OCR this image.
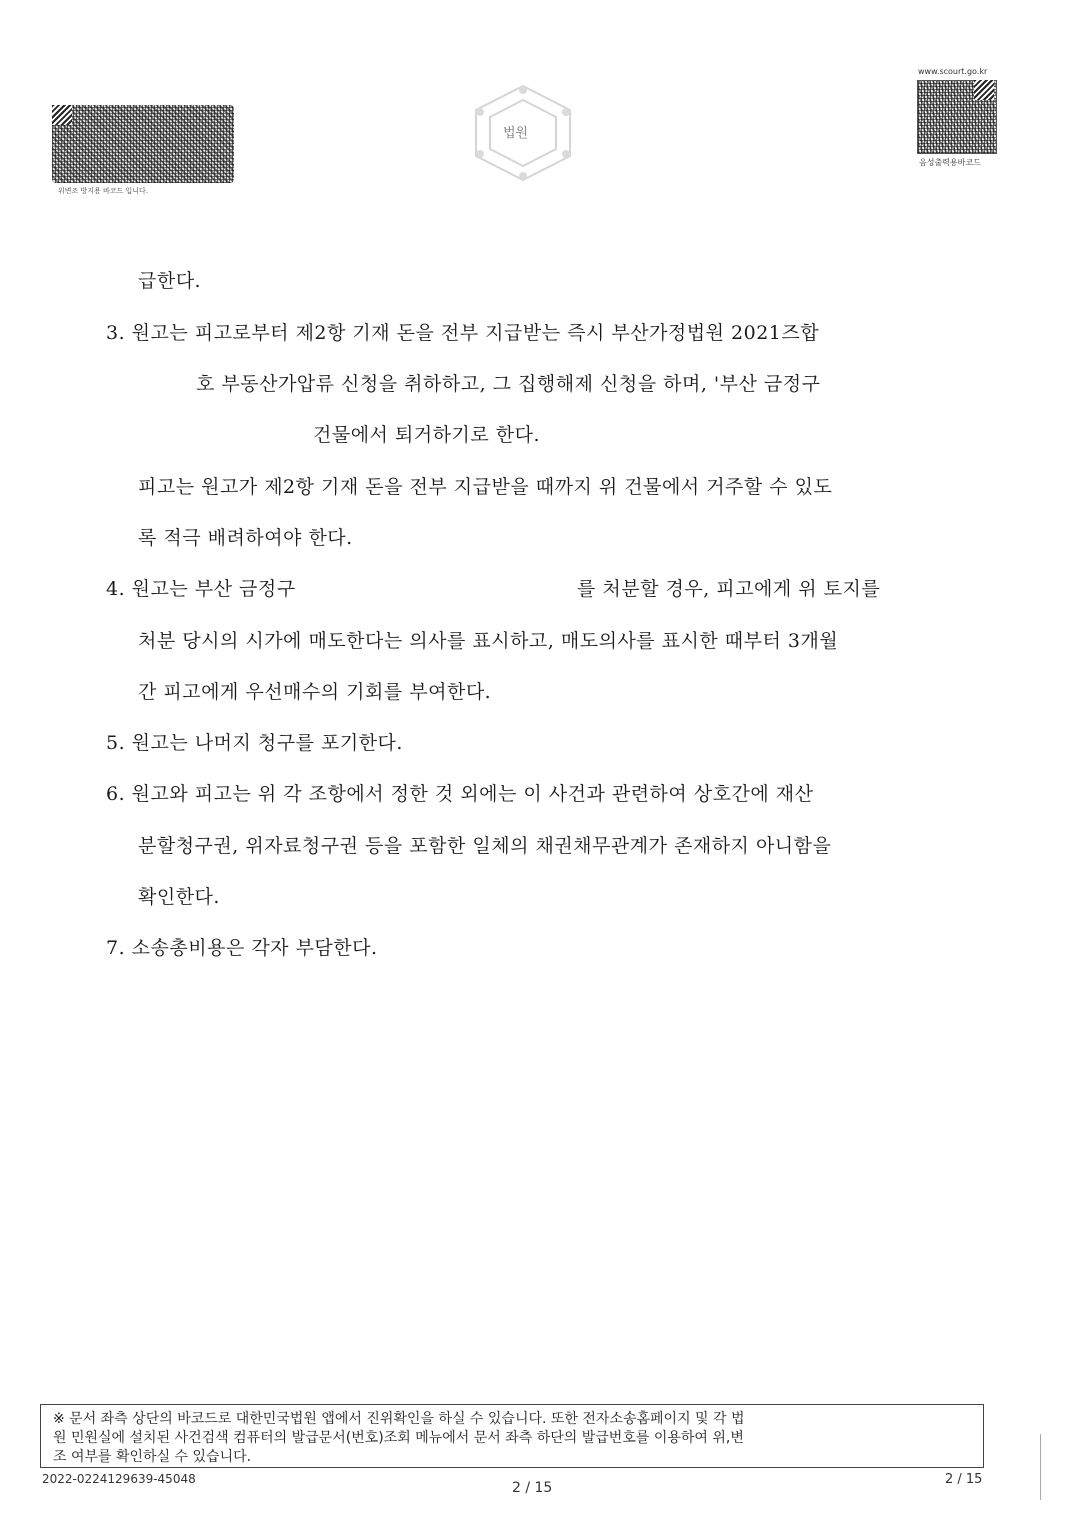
위변조 방지용 바코드 입니다.
법원
www.scourt.go.kr
음성출력용바코드
급한다.
3. 원고는 피고로부터 제2항 기재 돈을 전부 지급받는 즉시 부산가정법원 2021즈합
호 부동산가압류 신청을 취하하고, 그 집행해제 신청을 하며, '부산 금정구
건물에서 퇴거하기로 한다.
피고는 원고가 제2항 기재 돈을 전부 지급받을 때까지 위 건물에서 거주할 수 있도
록 적극 배려하여야 한다.
4. 원고는 부산 금정구	를 처분할 경우, 피고에게 위 토지를
처분 당시의 시가에 매도한다는 의사를 표시하고, 매도의사를 표시한 때부터 3개월
간 피고에게 우선매수의 기회를 부여한다.
5. 원고는 나머지 청구를 포기한다.
6. 원고와 피고는 위 각 조항에서 정한 것 외에는 이 사건과 관련하여 상호간에 재산
분할청구권, 위자료청구권 등을 포함한 일체의 채권채무관계가 존재하지 아니함을
확인한다.
7. 소송총비용은 각자 부담한다.
※ 문서 좌측 상단의 바코드로 대한민국법원 앱에서 진위확인을 하실 수 있습니다. 또한 전자소송홈페이지 및 각 법
원 민원실에 설치된 사건검색 컴퓨터의 발급문서(번호)조회 메뉴에서 문서 좌측 하단의 발급번호를 이용하여 위,변
조 여부를 확인하실 수 있습니다.
2022-0224129639-45048
2 / 15
2 / 15
